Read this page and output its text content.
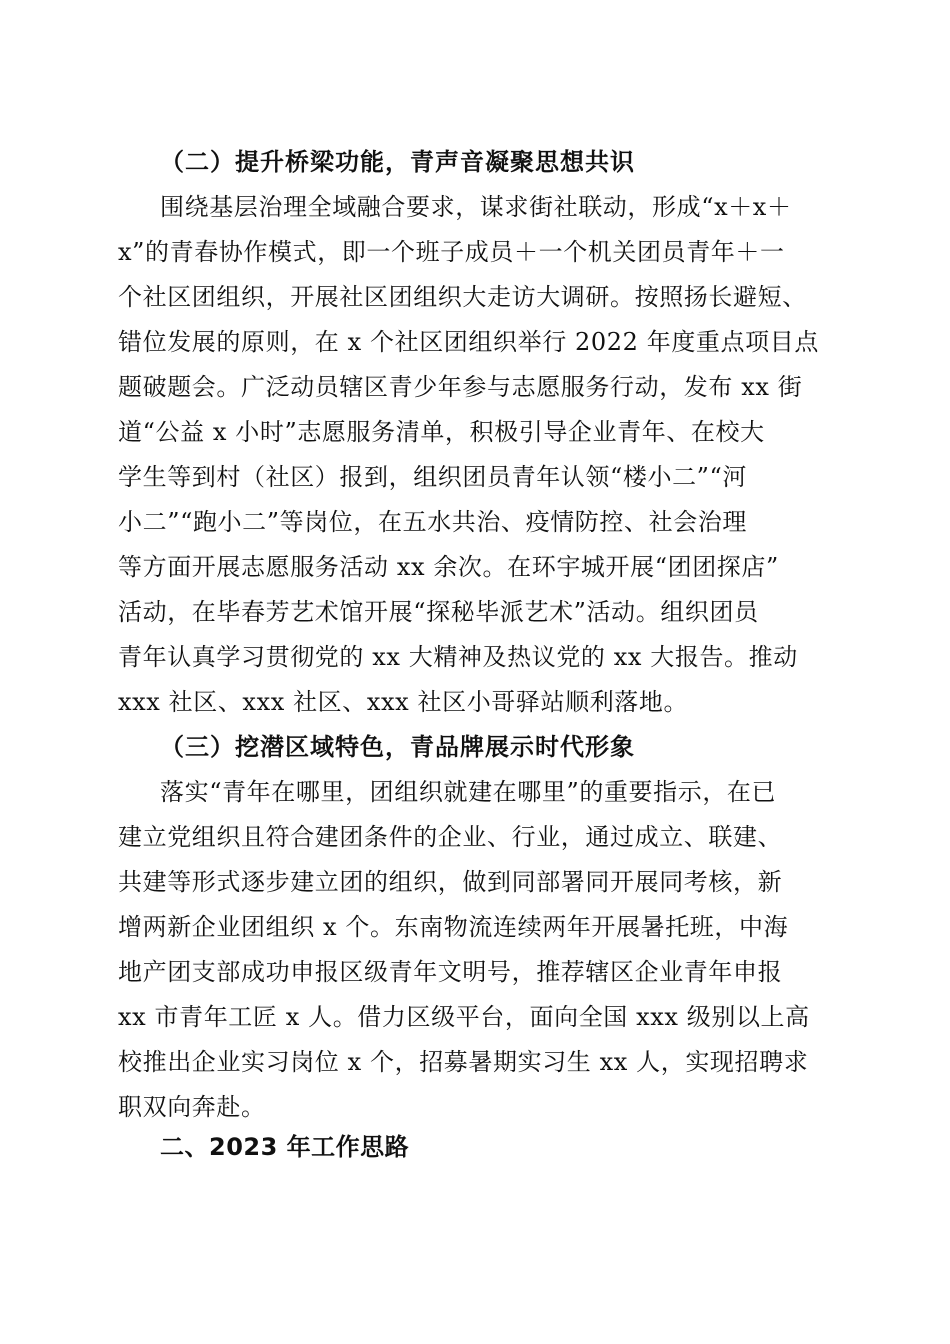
（二）提升桥梁功能，青声音凝聚思想共识
围绕基层治理全域融合要求，谋求街社联动，形成“x＋x＋
x”的青春协作模式，即一个班子成员＋一个机关团员青年＋一
个社区团组织，开展社区团组织大走访大调研。按照扬长避短、
错位发展的原则，在 x 个社区团组织举行 2022 年度重点项目点
题破题会。广泛动员辖区青少年参与志愿服务行动，发布 xx 街
道“公益 x 小时”志愿服务清单，积极引导企业青年、在校大
学生等到村（社区）报到，组织团员青年认领“楼小二”“河
小二”“跑小二”等岗位，在五水共治、疫情防控、社会治理
等方面开展志愿服务活动 xx 余次。在环宇城开展“团团探店”
活动，在毕春芳艺术馆开展“探秘毕派艺术”活动。组织团员
青年认真学习贯彻党的 xx 大精神及热议党的 xx 大报告。推动
xxx 社区、xxx 社区、xxx 社区小哥驿站顺利落地。
（三）挖潜区域特色，青品牌展示时代形象
落实“青年在哪里，团组织就建在哪里”的重要指示，在已
建立党组织且符合建团条件的企业、行业，通过成立、联建、
共建等形式逐步建立团的组织，做到同部署同开展同考核，新
增两新企业团组织 x 个。东南物流连续两年开展暑托班，中海
地产团支部成功申报区级青年文明号，推荐辖区企业青年申报
xx 市青年工匠 x 人。借力区级平台，面向全国 xxx 级别以上高
校推出企业实习岗位 x 个，招募暑期实习生 xx 人，实现招聘求
职双向奔赴。
二、2023 年工作思路
